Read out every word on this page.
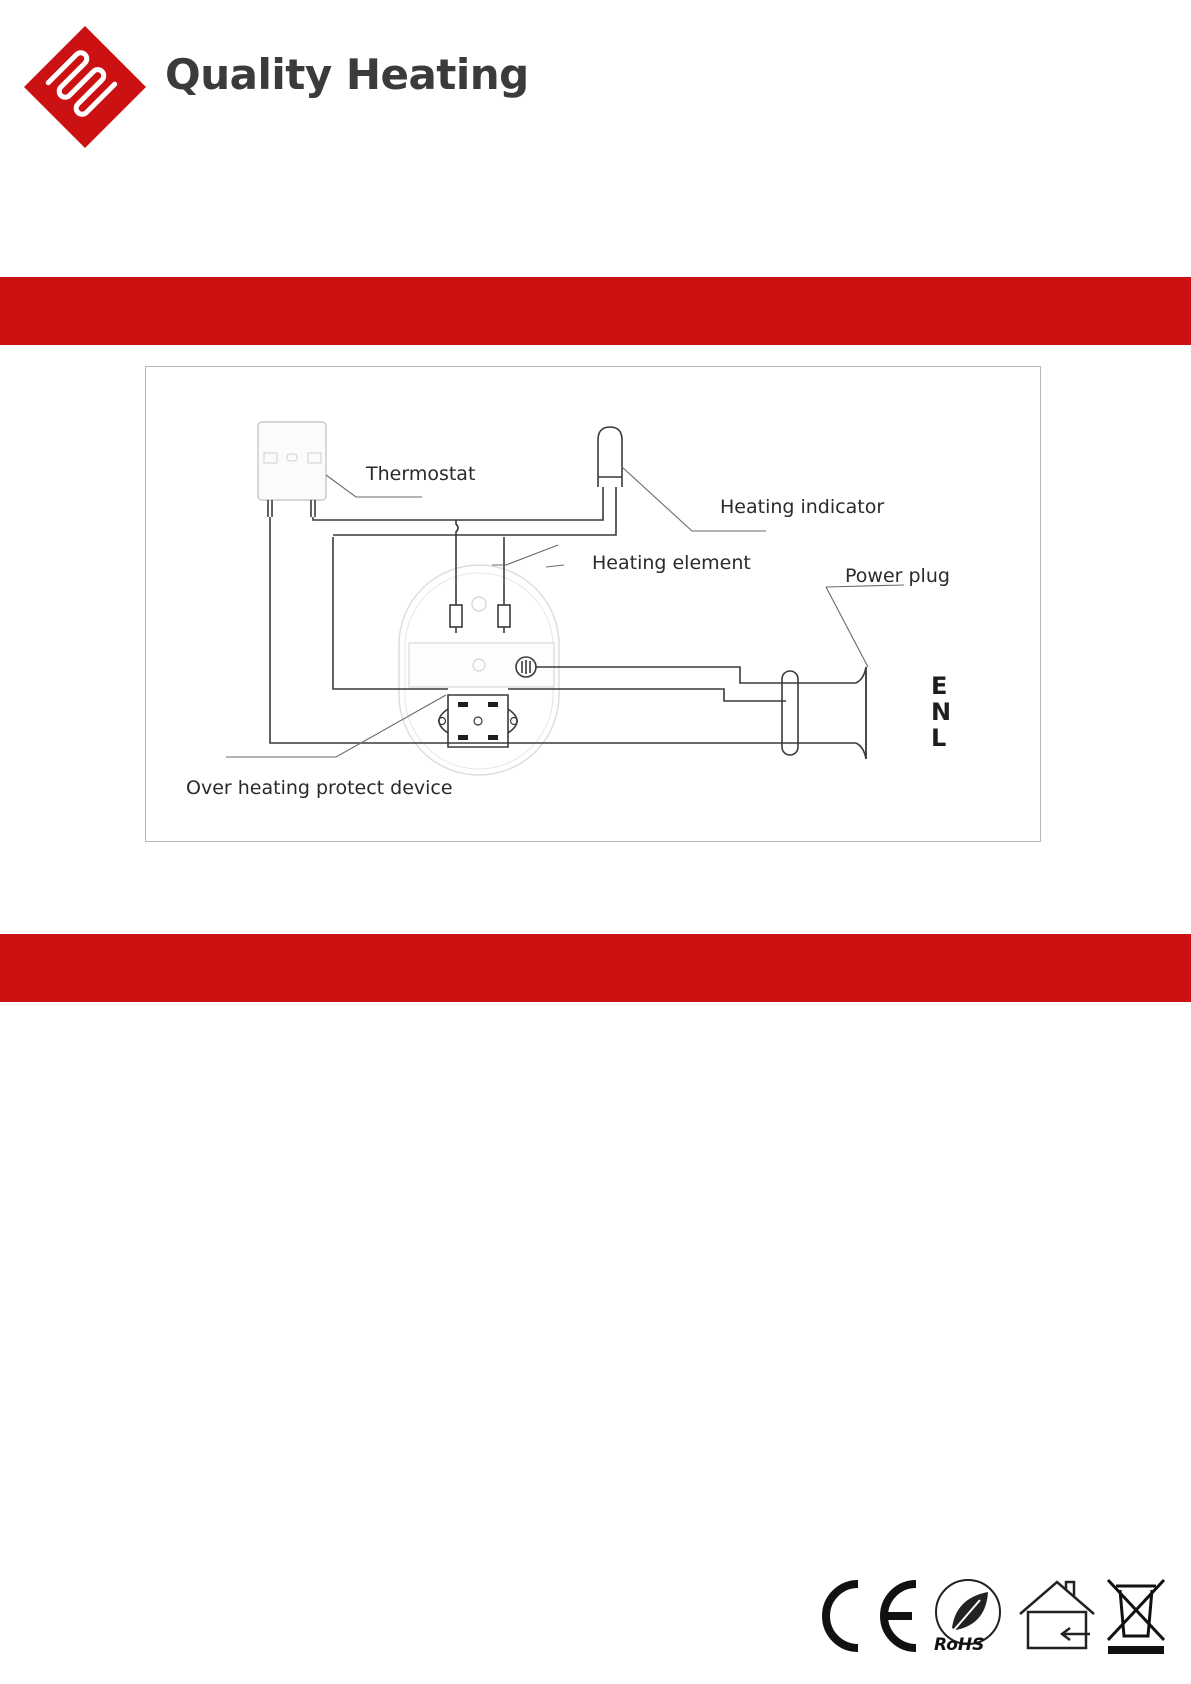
Quality Heating
Thermostat
Heating indicator
Heating element
Power plug
Over heating protect device
E
N
L
RoHS
